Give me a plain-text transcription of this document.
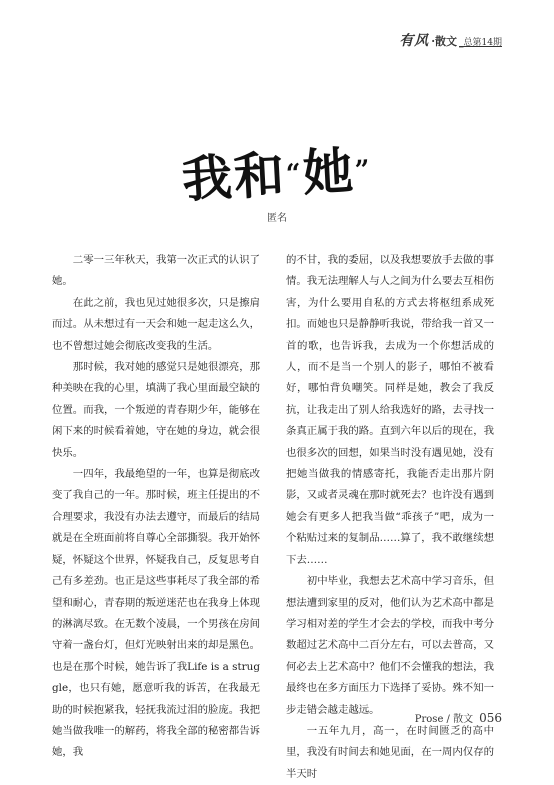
有风 ·散文 _总第14期
我和“她”
匿名

二零一三年秋天，我第一次正式的认识了她。

在此之前，我也见过她很多次，只是擦肩而过。从未想过有一天会和她一起走这么久，也不曾想过她会彻底改变我的生活。

那时候，我对她的感觉只是她很漂亮，那种美映在我的心里，填满了我心里面最空缺的位置。而我，一个叛逆的青春期少年，能够在闲下来的时候看着她，守在她的身边，就会很快乐。

一四年，我最绝望的一年，也算是彻底改变了我自己的一年。那时候，班主任提出的不合理要求，我没有办法去遵守，而最后的结局就是在全班面前将自尊心全部撕裂。我开始怀疑，怀疑这个世界，怀疑我自己，反复思考自己有多差劲。也正是这些事耗尽了我全部的希望和耐心，青春期的叛逆迷茫也在我身上体现的淋漓尽致。在无数个凌晨，一个男孩在房间守着一盏台灯，但灯光映射出来的却是黑色。也是在那个时候，她告诉了我Life is a struggle，也只有她，愿意听我的诉苦，在我最无助的时候抱紧我，轻抚我流过泪的脸庞。我把她当做我唯一的解药，将我全部的秘密都告诉她，我

的不甘，我的委屈，以及我想要放手去做的事情。我无法理解人与人之间为什么要去互相伤害，为什么要用自私的方式去将枢纽系成死扣。而她也只是静静听我说，带给我一首又一首的歌，也告诉我，去成为一个你想活成的人，而不是当一个别人的影子，哪怕不被看好，哪怕背负嘲笑。同样是她，教会了我反抗，让我走出了别人给我选好的路，去寻找一条真正属于我的路。直到六年以后的现在，我也很多次的回想，如果当时没有遇见她，没有把她当做我的情感寄托，我能否走出那片阴影，又或者灵魂在那时就死去？也许没有遇到她会有更多人把我当做“乖孩子”吧，成为一个粘贴过来的复制品……算了，我不敢继续想下去……

初中毕业，我想去艺术高中学习音乐，但想法遭到家里的反对，他们认为艺术高中都是学习相对差的学生才会去的学校，而我中考分数超过艺术高中二百分左右，可以去普高，又何必去上艺术高中？他们不会懂我的想法，我最终也在多方面压力下选择了妥协。殊不知一步走错会越走越远。

一五年九月，高一，在时间匮乏的高中里，我没有时间去和她见面，在一周内仅存的半天时

Prose / 散文 056
